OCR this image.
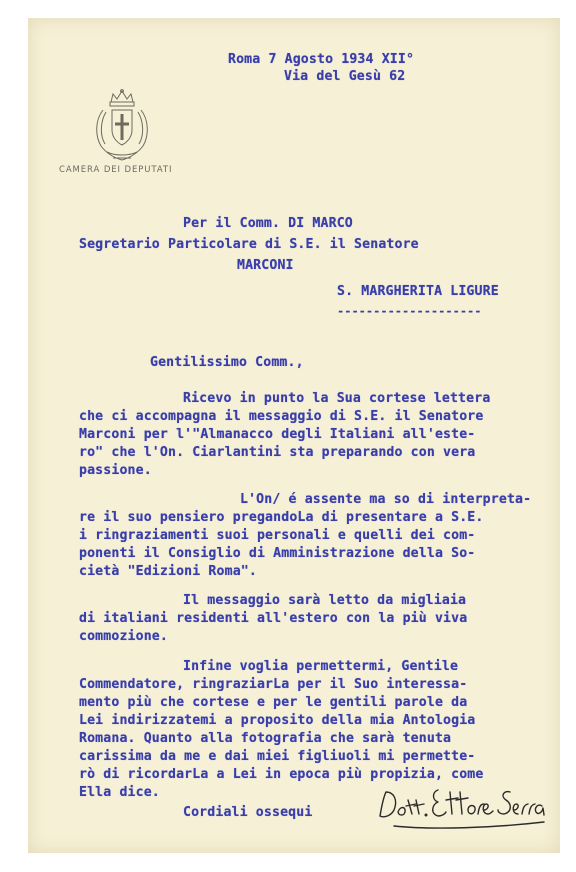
CAMERA DEI DEPUTATI
Roma 7 Agosto 1934 XII°
Via del Gesù 62
Per il Comm. DI MARCO
Segretario Particolare di S.E. il Senatore
MARCONI
S. MARGHERITA LIGURE
--------------------
Gentilissimo Comm.,
Ricevo in punto la Sua cortese lettera
che ci accompagna il messaggio di S.E. il Senatore
Marconi per l'"Almanacco degli Italiani all'este-
ro" che l'On. Ciarlantini sta preparando con vera
passione.
L'On/ é assente ma so di interpreta-
re il suo pensiero pregandoLa di presentare a S.E.
i ringraziamenti suoi personali e quelli dei com-
ponenti il Consiglio di Amministrazione della So-
cietà "Edizioni Roma".
Il messaggio sarà letto da migliaia
di italiani residenti all'estero con la più viva
commozione.
Infine voglia permettermi, Gentile
Commendatore, ringraziarLa per il Suo interessa-
mento più che cortese e per le gentili parole da
Lei indirizzatemi a proposito della mia Antologia
Romana. Quanto alla fotografia che sarà tenuta
carissima da me e dai miei figliuoli mi permette-
rò di ricordarLa a Lei in epoca più propizia, come
Ella dice.
Cordiali ossequi
